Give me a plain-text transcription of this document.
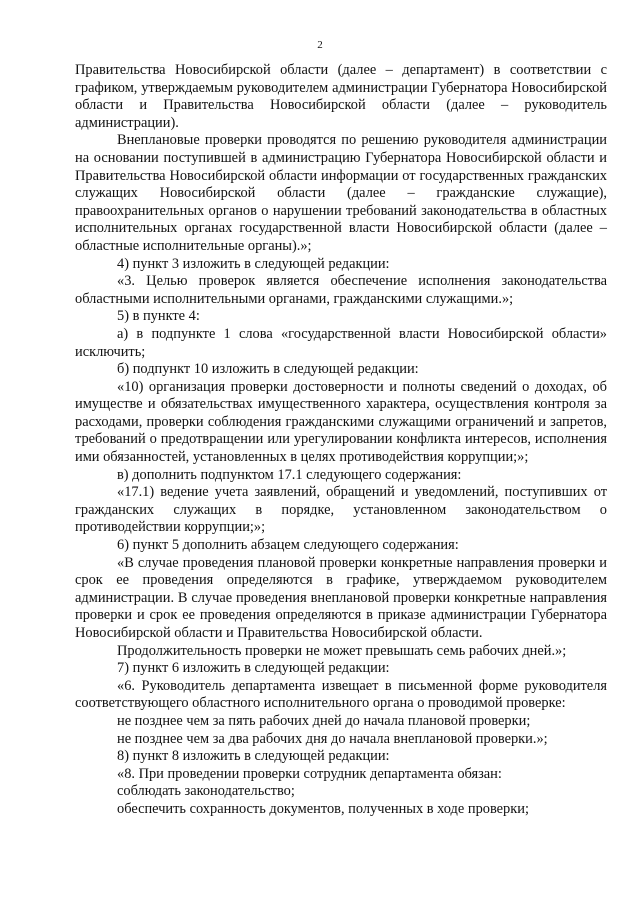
2

Правительства Новосибирской области (далее – департамент) в соответствии с графиком, утверждаемым руководителем администрации Губернатора Новосибирской области и Правительства Новосибирской области (далее – руководитель администрации).

Внеплановые проверки проводятся по решению руководителя администрации на основании поступившей в администрацию Губернатора Новосибирской области и Правительства Новосибирской области информации от государственных гражданских служащих Новосибирской области (далее – гражданские служащие), правоохранительных органов о нарушении требований законодательства в областных исполнительных органах государственной власти Новосибирской области (далее – областные исполнительные органы).»;

4) пункт 3 изложить в следующей редакции:

«3. Целью проверок является обеспечение исполнения законодательства областными исполнительными органами, гражданскими служащими.»;

5) в пункте 4:

а) в подпункте 1 слова «государственной власти Новосибирской области» исключить;

б) подпункт 10 изложить в следующей редакции:

«10) организация проверки достоверности и полноты сведений о доходах, об имуществе и обязательствах имущественного характера, осуществления контроля за расходами, проверки соблюдения гражданскими служащими ограничений и запретов, требований о предотвращении или урегулировании конфликта интересов, исполнения ими обязанностей, установленных в целях противодействия коррупции;»;

в) дополнить подпунктом 17.1 следующего содержания:

«17.1) ведение учета заявлений, обращений и уведомлений, поступивших от гражданских служащих в порядке, установленном законодательством о противодействии коррупции;»;

6) пункт 5 дополнить абзацем следующего содержания:

«В случае проведения плановой проверки конкретные направления проверки и срок ее проведения определяются в графике, утверждаемом руководителем администрации. В случае проведения внеплановой проверки конкретные направления проверки и срок ее проведения определяются в приказе администрации Губернатора Новосибирской области и Правительства Новосибирской области.

Продолжительность проверки не может превышать семь рабочих дней.»;

7) пункт 6 изложить в следующей редакции:

«6. Руководитель департамента извещает в письменной форме руководителя соответствующего областного исполнительного органа о проводимой проверке:

не позднее чем за пять рабочих дней до начала плановой проверки;

не позднее чем за два рабочих дня до начала внеплановой проверки.»;

8) пункт 8 изложить в следующей редакции:

«8. При проведении проверки сотрудник департамента обязан:

соблюдать законодательство;

обеспечить сохранность документов, полученных в ходе проверки;
